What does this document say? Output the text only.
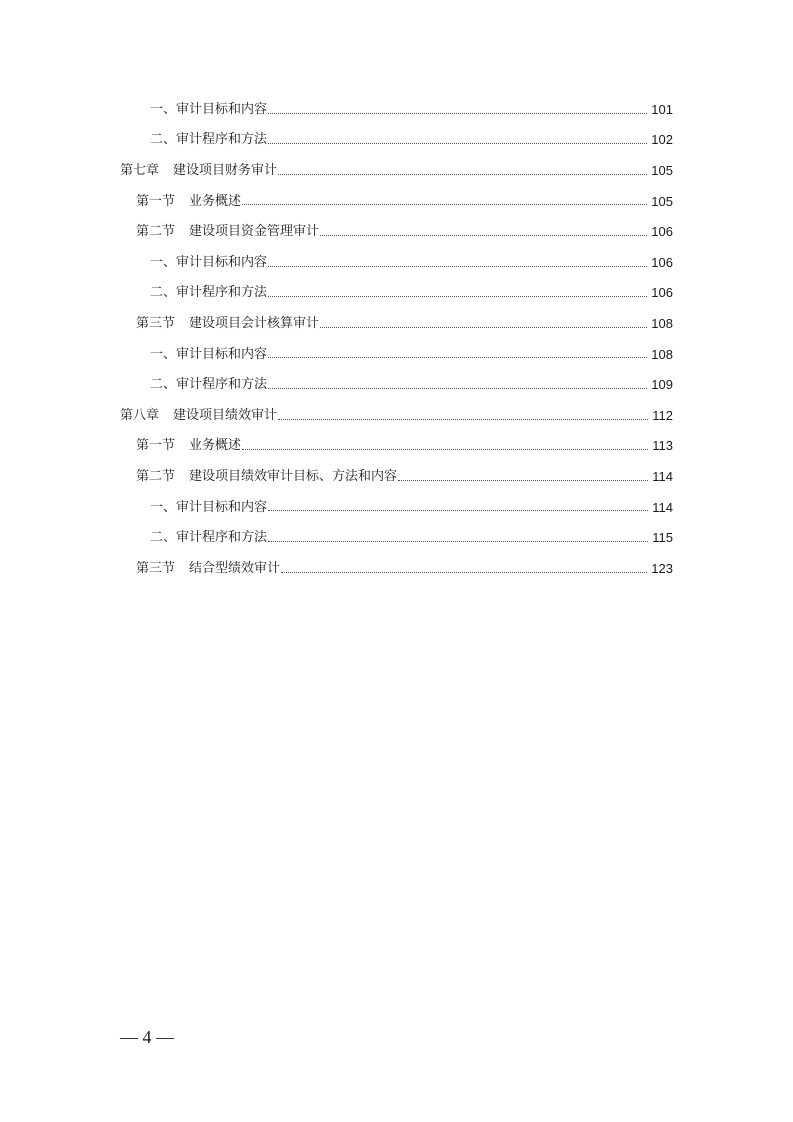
一、审计目标和内容	101
二、审计程序和方法	102
第七章 建设项目财务审计	105
第一节 业务概述	105
第二节 建设项目资金管理审计	106
一、审计目标和内容	106
二、审计程序和方法	106
第三节 建设项目会计核算审计	108
一、审计目标和内容	108
二、审计程序和方法	109
第八章 建设项目绩效审计	112
第一节 业务概述	113
第二节 建设项目绩效审计目标、方法和内容	114
一、审计目标和内容	114
二、审计程序和方法	115
第三节 结合型绩效审计	123
— 4 —
